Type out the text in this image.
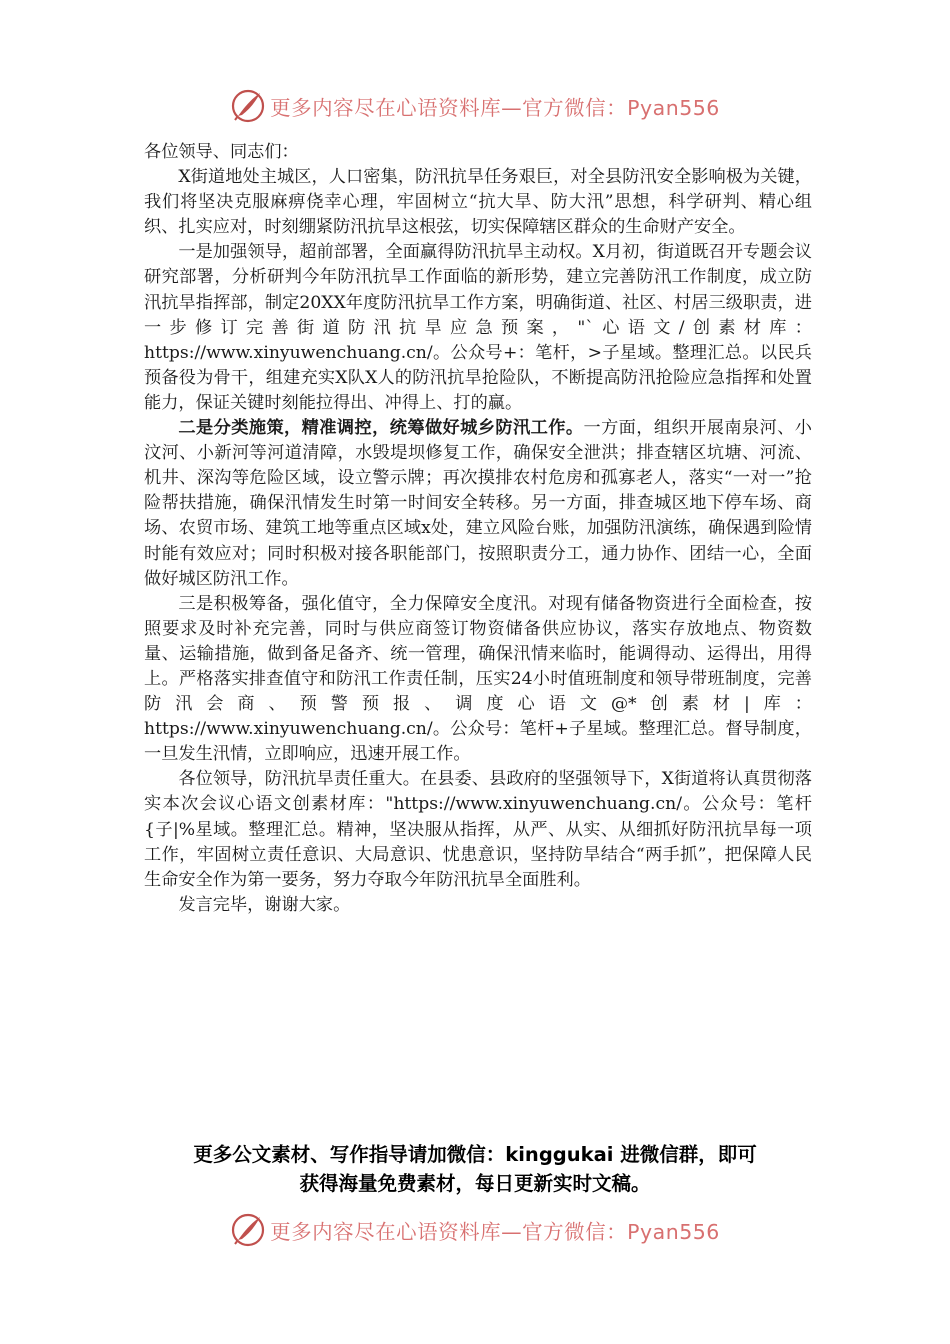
更多内容尽在心语资料库—官方微信：Pyan556

各位领导、同志们：

X街道地处主城区，人口密集，防汛抗旱任务艰巨，对全县防汛安全影响极为关键，我们将坚决克服麻痹侥幸心理，牢固树立“抗大旱、防大汛”思想，科学研判、精心组织、扎实应对，时刻绷紧防汛抗旱这根弦，切实保障辖区群众的生命财产安全。

一是加强领导，超前部署，全面赢得防汛抗旱主动权。X月初，街道既召开专题会议研究部署，分析研判今年防汛抗旱工作面临的新形势，建立完善防汛工作制度，成立防汛抗旱指挥部，制定20XX年度防汛抗旱工作方案，明确街道、社区、村居三级职责，进一步修订完善街道防汛抗旱应急预案，"`心语文/创素材库：https://www.xinyuwenchuang.cn/。公众号+：笔杆，>子星域。整理汇总。以民兵预备役为骨干，组建充实X队X人的防汛抗旱抢险队，不断提高防汛抢险应急指挥和处置能力，保证关键时刻能拉得出、冲得上、打的赢。

二是分类施策，精准调控，统筹做好城乡防汛工作。一方面，组织开展南泉河、小汶河、小新河等河道清障，水毁堤坝修复工作，确保安全泄洪；排查辖区坑塘、河流、机井、深沟等危险区域，设立警示牌；再次摸排农村危房和孤寡老人，落实“一对一”抢险帮扶措施，确保汛情发生时第一时间安全转移。另一方面，排查城区地下停车场、商场、农贸市场、建筑工地等重点区域x处，建立风险台账，加强防汛演练，确保遇到险情时能有效应对；同时积极对接各职能部门，按照职责分工，通力协作、团结一心，全面做好城区防汛工作。

三是积极筹备，强化值守，全力保障安全度汛。对现有储备物资进行全面检查，按照要求及时补充完善，同时与供应商签订物资储备供应协议，落实存放地点、物资数量、运输措施，做到备足备齐、统一管理，确保汛情来临时，能调得动、运得出，用得上。严格落实排查值守和防汛工作责任制，压实24小时值班制度和领导带班制度，完善防汛会商、预警预报、调度心语文@*创素材|库：https://www.xinyuwenchuang.cn/。公众号：笔杆+子星域。整理汇总。督导制度，一旦发生汛情，立即响应，迅速开展工作。

各位领导，防汛抗旱责任重大。在县委、县政府的坚强领导下，X街道将认真贯彻落实本次会议心语文创素材库："https://www.xinyuwenchuang.cn/。公众号：笔杆{子|%星域。整理汇总。精神，坚决服从指挥，从严、从实、从细抓好防汛抗旱每一项工作，牢固树立责任意识、大局意识、忧患意识，坚持防旱结合“两手抓”，把保障人民生命安全作为第一要务，努力夺取今年防汛抗旱全面胜利。

发言完毕，谢谢大家。

更多公文素材、写作指导请加微信：kinggukai 进微信群，即可
获得海量免费素材，每日更新实时文稿。
更多内容尽在心语资料库—官方微信：Pyan556
